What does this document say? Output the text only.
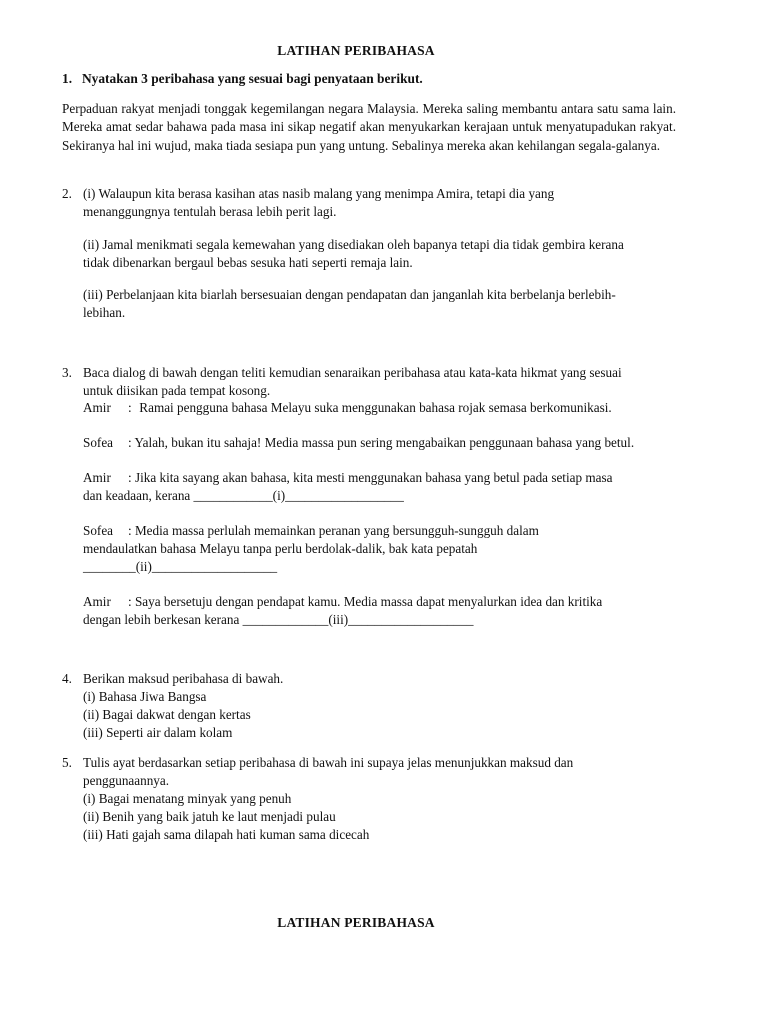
LATIHAN PERIBAHASA
1. Nyatakan 3 peribahasa yang sesuai bagi penyataan berikut.
Perpaduan rakyat menjadi tonggak kegemilangan negara Malaysia. Mereka saling membantu antara satu sama lain. Mereka amat sedar bahawa pada masa ini sikap negatif akan menyukarkan kerajaan untuk menyatupadukan rakyat. Sekiranya hal ini wujud, maka tiada sesiapa pun yang untung. Sebalinya mereka akan kehilangan segala-galanya.
2. (i) Walaupun kita berasa kasihan atas nasib malang yang menimpa Amira, tetapi dia yang
menanggungnya tentulah berasa lebih perit lagi.
(ii) Jamal menikmati segala kemewahan yang disediakan oleh bapanya tetapi dia tidak gembira kerana
tidak dibenarkan bergaul bebas sesuka hati seperti remaja lain.
(iii) Perbelanjaan kita biarlah bersesuaian dengan pendapatan dan janganlah kita berbelanja berlebih-
lebihan.
3. Baca dialog di bawah dengan teliti kemudian senaraikan peribahasa atau kata-kata hikmat yang sesuai
untuk diisikan pada tempat kosong.
Amir : Ramai pengguna bahasa Melayu suka menggunakan bahasa rojak semasa berkomunikasi.
Sofea : Yalah, bukan itu sahaja! Media massa pun sering mengabaikan penggunaan bahasa yang betul.
Amir : Jika kita sayang akan bahasa, kita mesti menggunakan bahasa yang betul pada setiap masa
dan keadaan, kerana ____________(i)__________________
Sofea : Media massa perlulah memainkan peranan yang bersungguh-sungguh dalam
mendaulatkan bahasa Melayu tanpa perlu berdolak-dalik, bak kata pepatah
________(ii)___________________
Amir : Saya bersetuju dengan pendapat kamu. Media massa dapat menyalurkan idea dan kritika
dengan lebih berkesan kerana _____________(iii)___________________
4. Berikan maksud peribahasa di bawah.
(i) Bahasa Jiwa Bangsa
(ii) Bagai dakwat dengan kertas
(iii) Seperti air dalam kolam
5. Tulis ayat berdasarkan setiap peribahasa di bawah ini supaya jelas menunjukkan maksud dan
penggunaannya.
(i) Bagai menatang minyak yang penuh
(ii) Benih yang baik jatuh ke laut menjadi pulau
(iii) Hati gajah sama dilapah hati kuman sama dicecah
LATIHAN PERIBAHASA
